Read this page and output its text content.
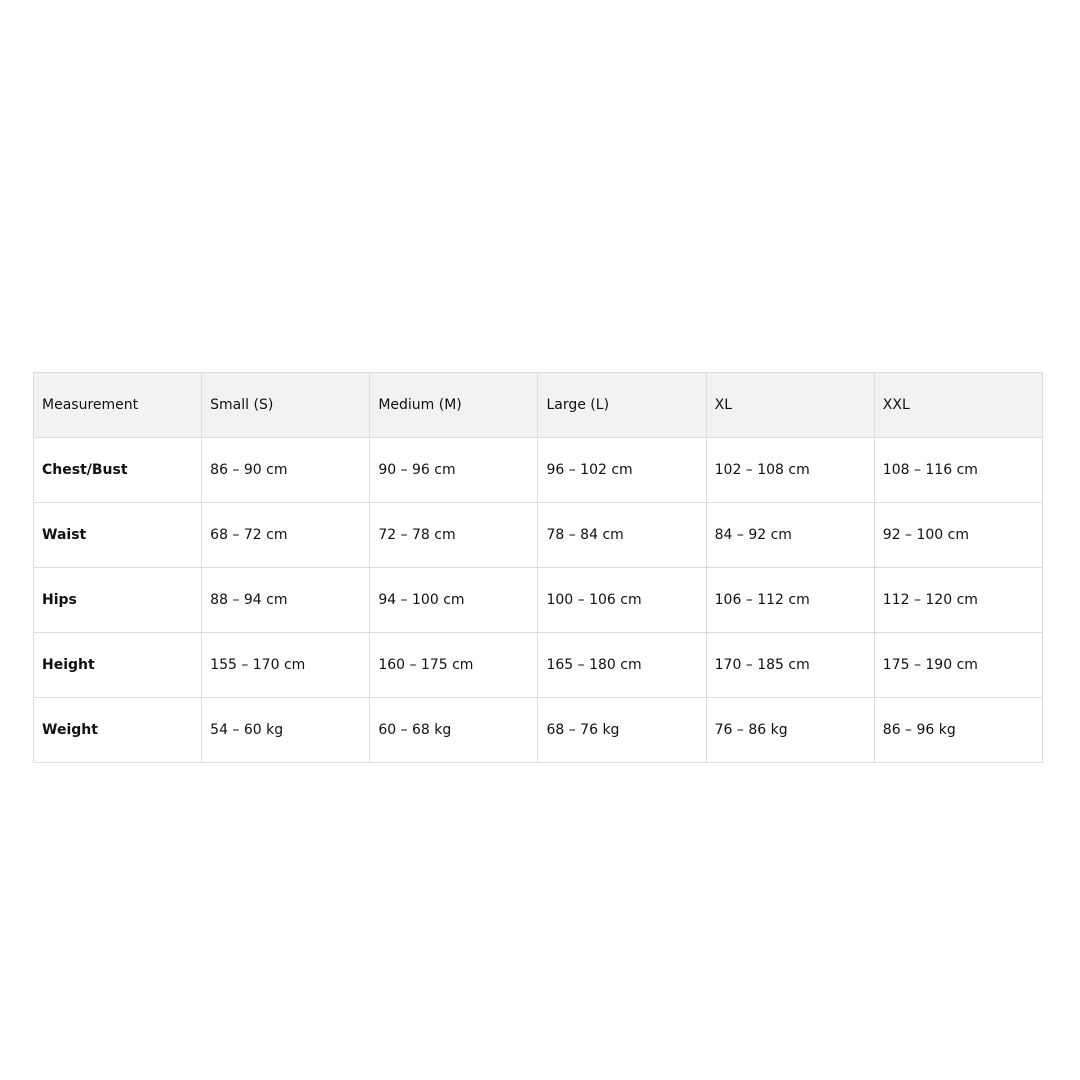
Measurement	Small (S)	Medium (M)	Large (L)	XL	XXL
Chest/Bust	86 – 90 cm	90 – 96 cm	96 – 102 cm	102 – 108 cm	108 – 116 cm
Waist	68 – 72 cm	72 – 78 cm	78 – 84 cm	84 – 92 cm	92 – 100 cm
Hips	88 – 94 cm	94 – 100 cm	100 – 106 cm	106 – 112 cm	112 – 120 cm
Height	155 – 170 cm	160 – 175 cm	165 – 180 cm	170 – 185 cm	175 – 190 cm
Weight	54 – 60 kg	60 – 68 kg	68 – 76 kg	76 – 86 kg	86 – 96 kg
